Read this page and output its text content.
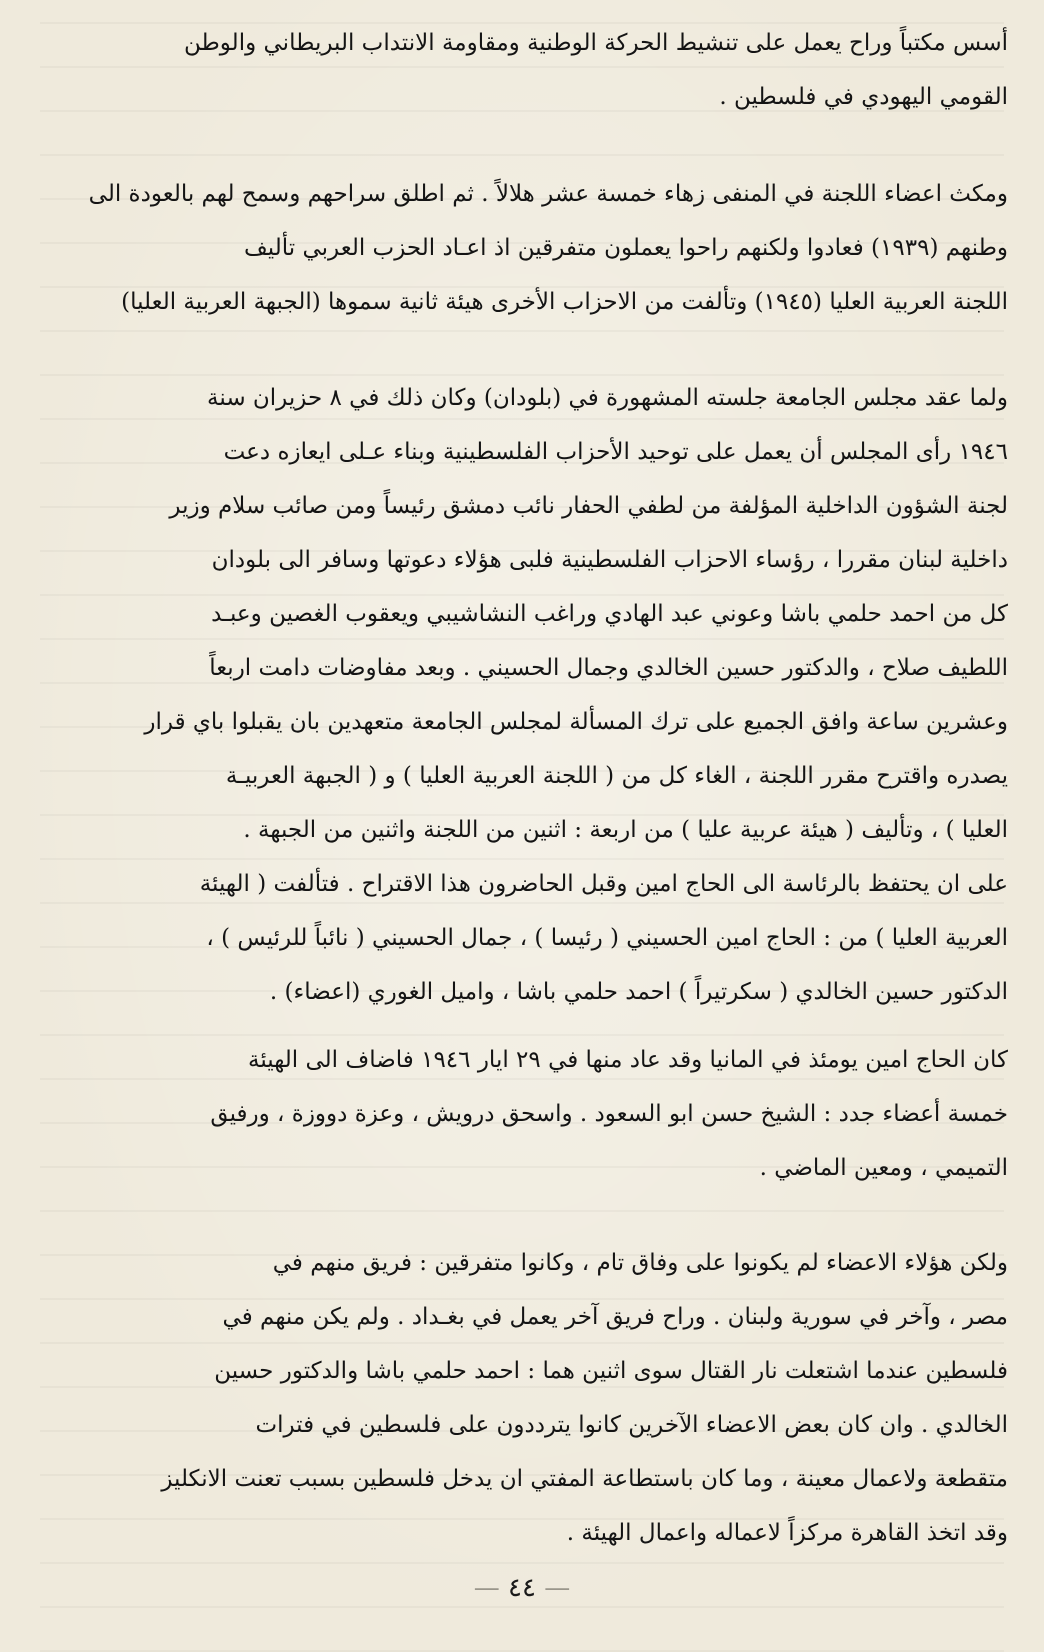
أسس مكتباً وراح يعمل على تنشيط الحركة الوطنية ومقاومة الانتداب البريطاني والوطن
القومي اليهودي في فلسطين .
ومكث اعضاء اللجنة في المنفى زهاء خمسة عشر هلالاً . ثم اطلق سراحهم وسمح لهم بالعودة الى
وطنهم (١٩٣٩) فعادوا ولكنهم راحوا يعملون متفرقين اذ اعـاد الحزب العربي تأليف
اللجنة العربية العليا (١٩٤٥) وتألفت من الاحزاب الأخرى هيئة ثانية سموها (الجبهة العربية العليا)
ولما عقد مجلس الجامعة جلسته المشهورة في (بلودان) وكان ذلك في ٨ حزيران سنة
١٩٤٦ رأى المجلس أن يعمل على توحيد الأحزاب الفلسطينية وبناء عـلى ايعازه دعت
لجنة الشؤون الداخلية المؤلفة من لطفي الحفار نائب دمشق رئيساً ومن صائب سلام وزير
داخلية لبنان مقررا ، رؤساء الاحزاب الفلسطينية فلبى هؤلاء دعوتها وسافر الى بلودان
كل من احمد حلمي باشا وعوني عبد الهادي وراغب النشاشيبي ويعقوب الغصين وعبـد
اللطيف صلاح ، والدكتور حسين الخالدي وجمال الحسيني . وبعد مفاوضات دامت اربعاً
وعشرين ساعة وافق الجميع على ترك المسألة لمجلس الجامعة متعهدين بان يقبلوا باي قرار
يصدره واقترح مقرر اللجنة ، الغاء كل من ( اللجنة العربية العليا ) و ( الجبهة العربيـة
العليا ) ، وتأليف ( هيئة عربية عليا ) من اربعة : اثنين من اللجنة واثنين من الجبهة .
على ان يحتفظ بالرئاسة الى الحاج امين وقبل الحاضرون هذا الاقتراح . فتألفت ( الهيئة
العربية العليا ) من : الحاج امين الحسيني ( رئيسا ) ، جمال الحسيني ( نائباً للرئيس ) ،
الدكتور حسين الخالدي ( سكرتيراً ) احمد حلمي باشا ، واميل الغوري (اعضاء) .
كان الحاج امين يومئذ في المانيا وقد عاد منها في ٢٩ ايار ١٩٤٦ فاضاف الى الهيئة
خمسة أعضاء جدد : الشيخ حسن ابو السعود . واسحق درويش ، وعزة دووزة ، ورفيق
التميمي ، ومعين الماضي .
ولكن هؤلاء الاعضاء لم يكونوا على وفاق تام ، وكانوا متفرقين : فريق منهم في
مصر ، وآخر في سورية ولبنان . وراح فريق آخر يعمل في بغـداد . ولم يكن منهم في
فلسطين عندما اشتعلت نار القتال سوى اثنين هما : احمد حلمي باشا والدكتور حسين
الخالدي . وان كان بعض الاعضاء الآخرين كانوا يترددون على فلسطين في فترات
متقطعة ولاعمال معينة ، وما كان باستطاعة المفتي ان يدخل فلسطين بسبب تعنت الانكليز
وقد اتخذ القاهرة مركزاً لاعماله واعمال الهيئة .
— ٤٤ —
